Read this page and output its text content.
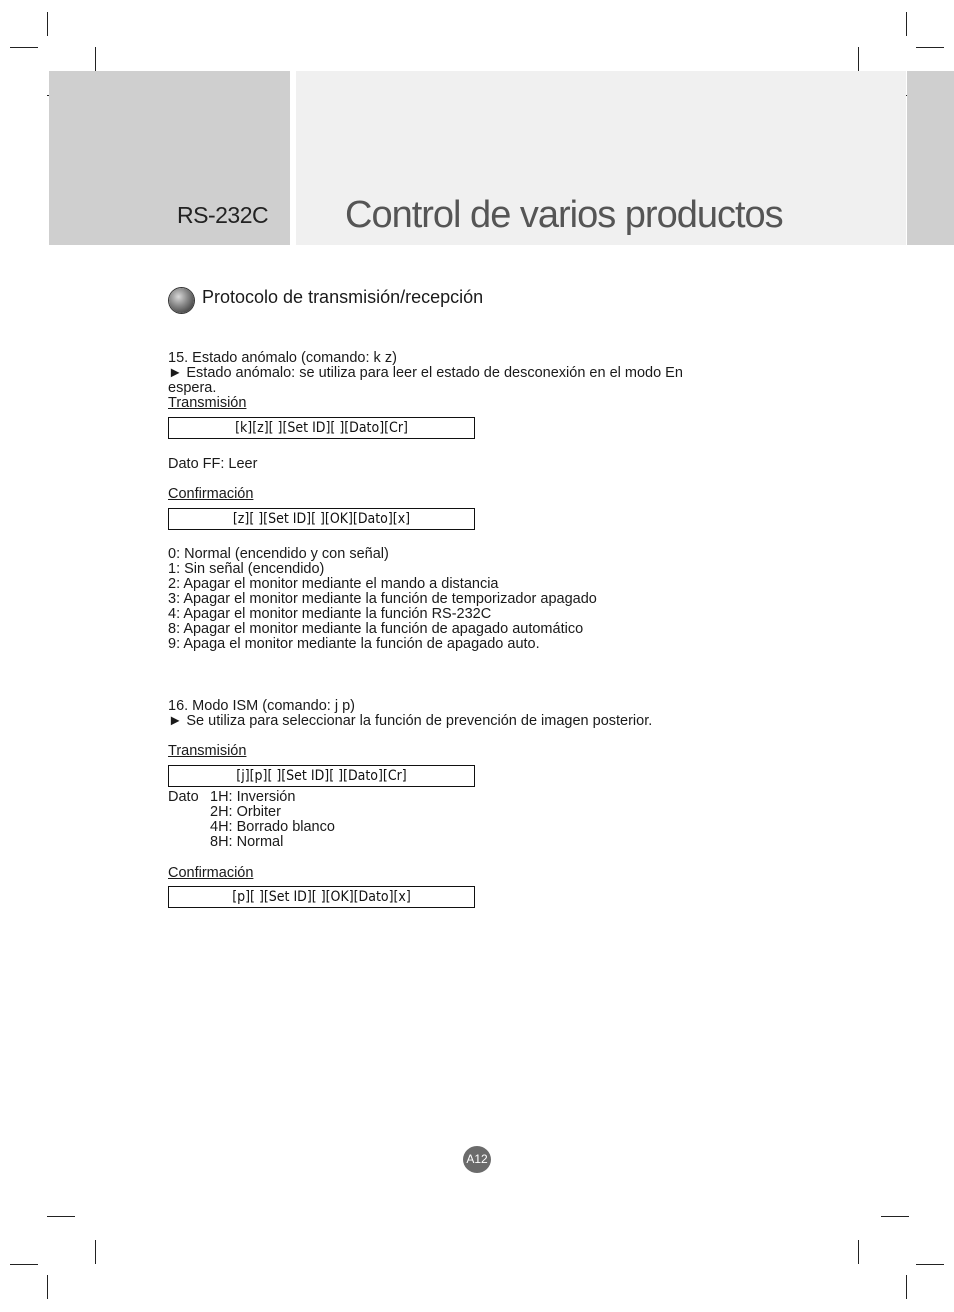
RS-232C Control de varios productos
Protocolo de transmisión/recepción
15. Estado anómalo (comando: k z)
► Estado anómalo: se utiliza para leer el estado de desconexión en el modo En
espera.
Transmisión
[k][z][ ][Set ID][ ][Dato][Cr]
Dato FF: Leer
Confirmación
[z][ ][Set ID][ ][OK][Dato][x]
0: Normal (encendido y con señal)
1: Sin señal (encendido)
2: Apagar el monitor mediante el mando a distancia
3: Apagar el monitor mediante la función de temporizador apagado
4: Apagar el monitor mediante la función RS-232C
8: Apagar el monitor mediante la función de apagado automático
9: Apaga el monitor mediante la función de apagado auto.
16. Modo ISM (comando: j p)
► Se utiliza para seleccionar la función de prevención de imagen posterior.
Transmisión
[j][p][ ][Set ID][ ][Dato][Cr]
Dato 1H: Inversión
2H: Orbiter
4H: Borrado blanco
8H: Normal
Confirmación
[p][ ][Set ID][ ][OK][Dato][x]
A12
